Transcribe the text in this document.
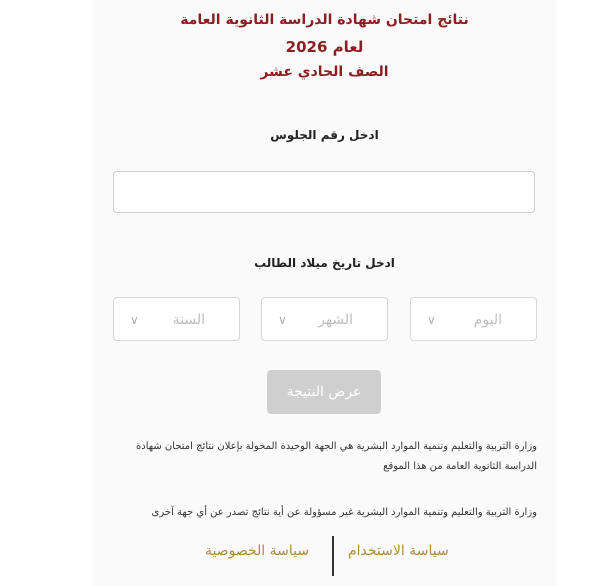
نتائج امتحان شهادة الدراسة الثانوية العامة
لعام 2026
الصف الحادي عشر
ادخل رقم الجلوس
ادخل تاريخ ميلاد الطالب
اليوم
∨
الشهر
∨
السنة
∨
عرض النتيجة
وزارة التربية والتعليم وتنمية الموارد البشرية هي الجهة الوحيدة المخولة بإعلان نتائج امتحان شهادة الدراسة الثانوية العامة من هذا الموقع
وزارة التربية والتعليم وتنمية الموارد البشرية غير مسؤولة عن أية نتائج تصدر عن أي جهة آخرى
سياسة الاستخدام
سياسة الخصوصية
